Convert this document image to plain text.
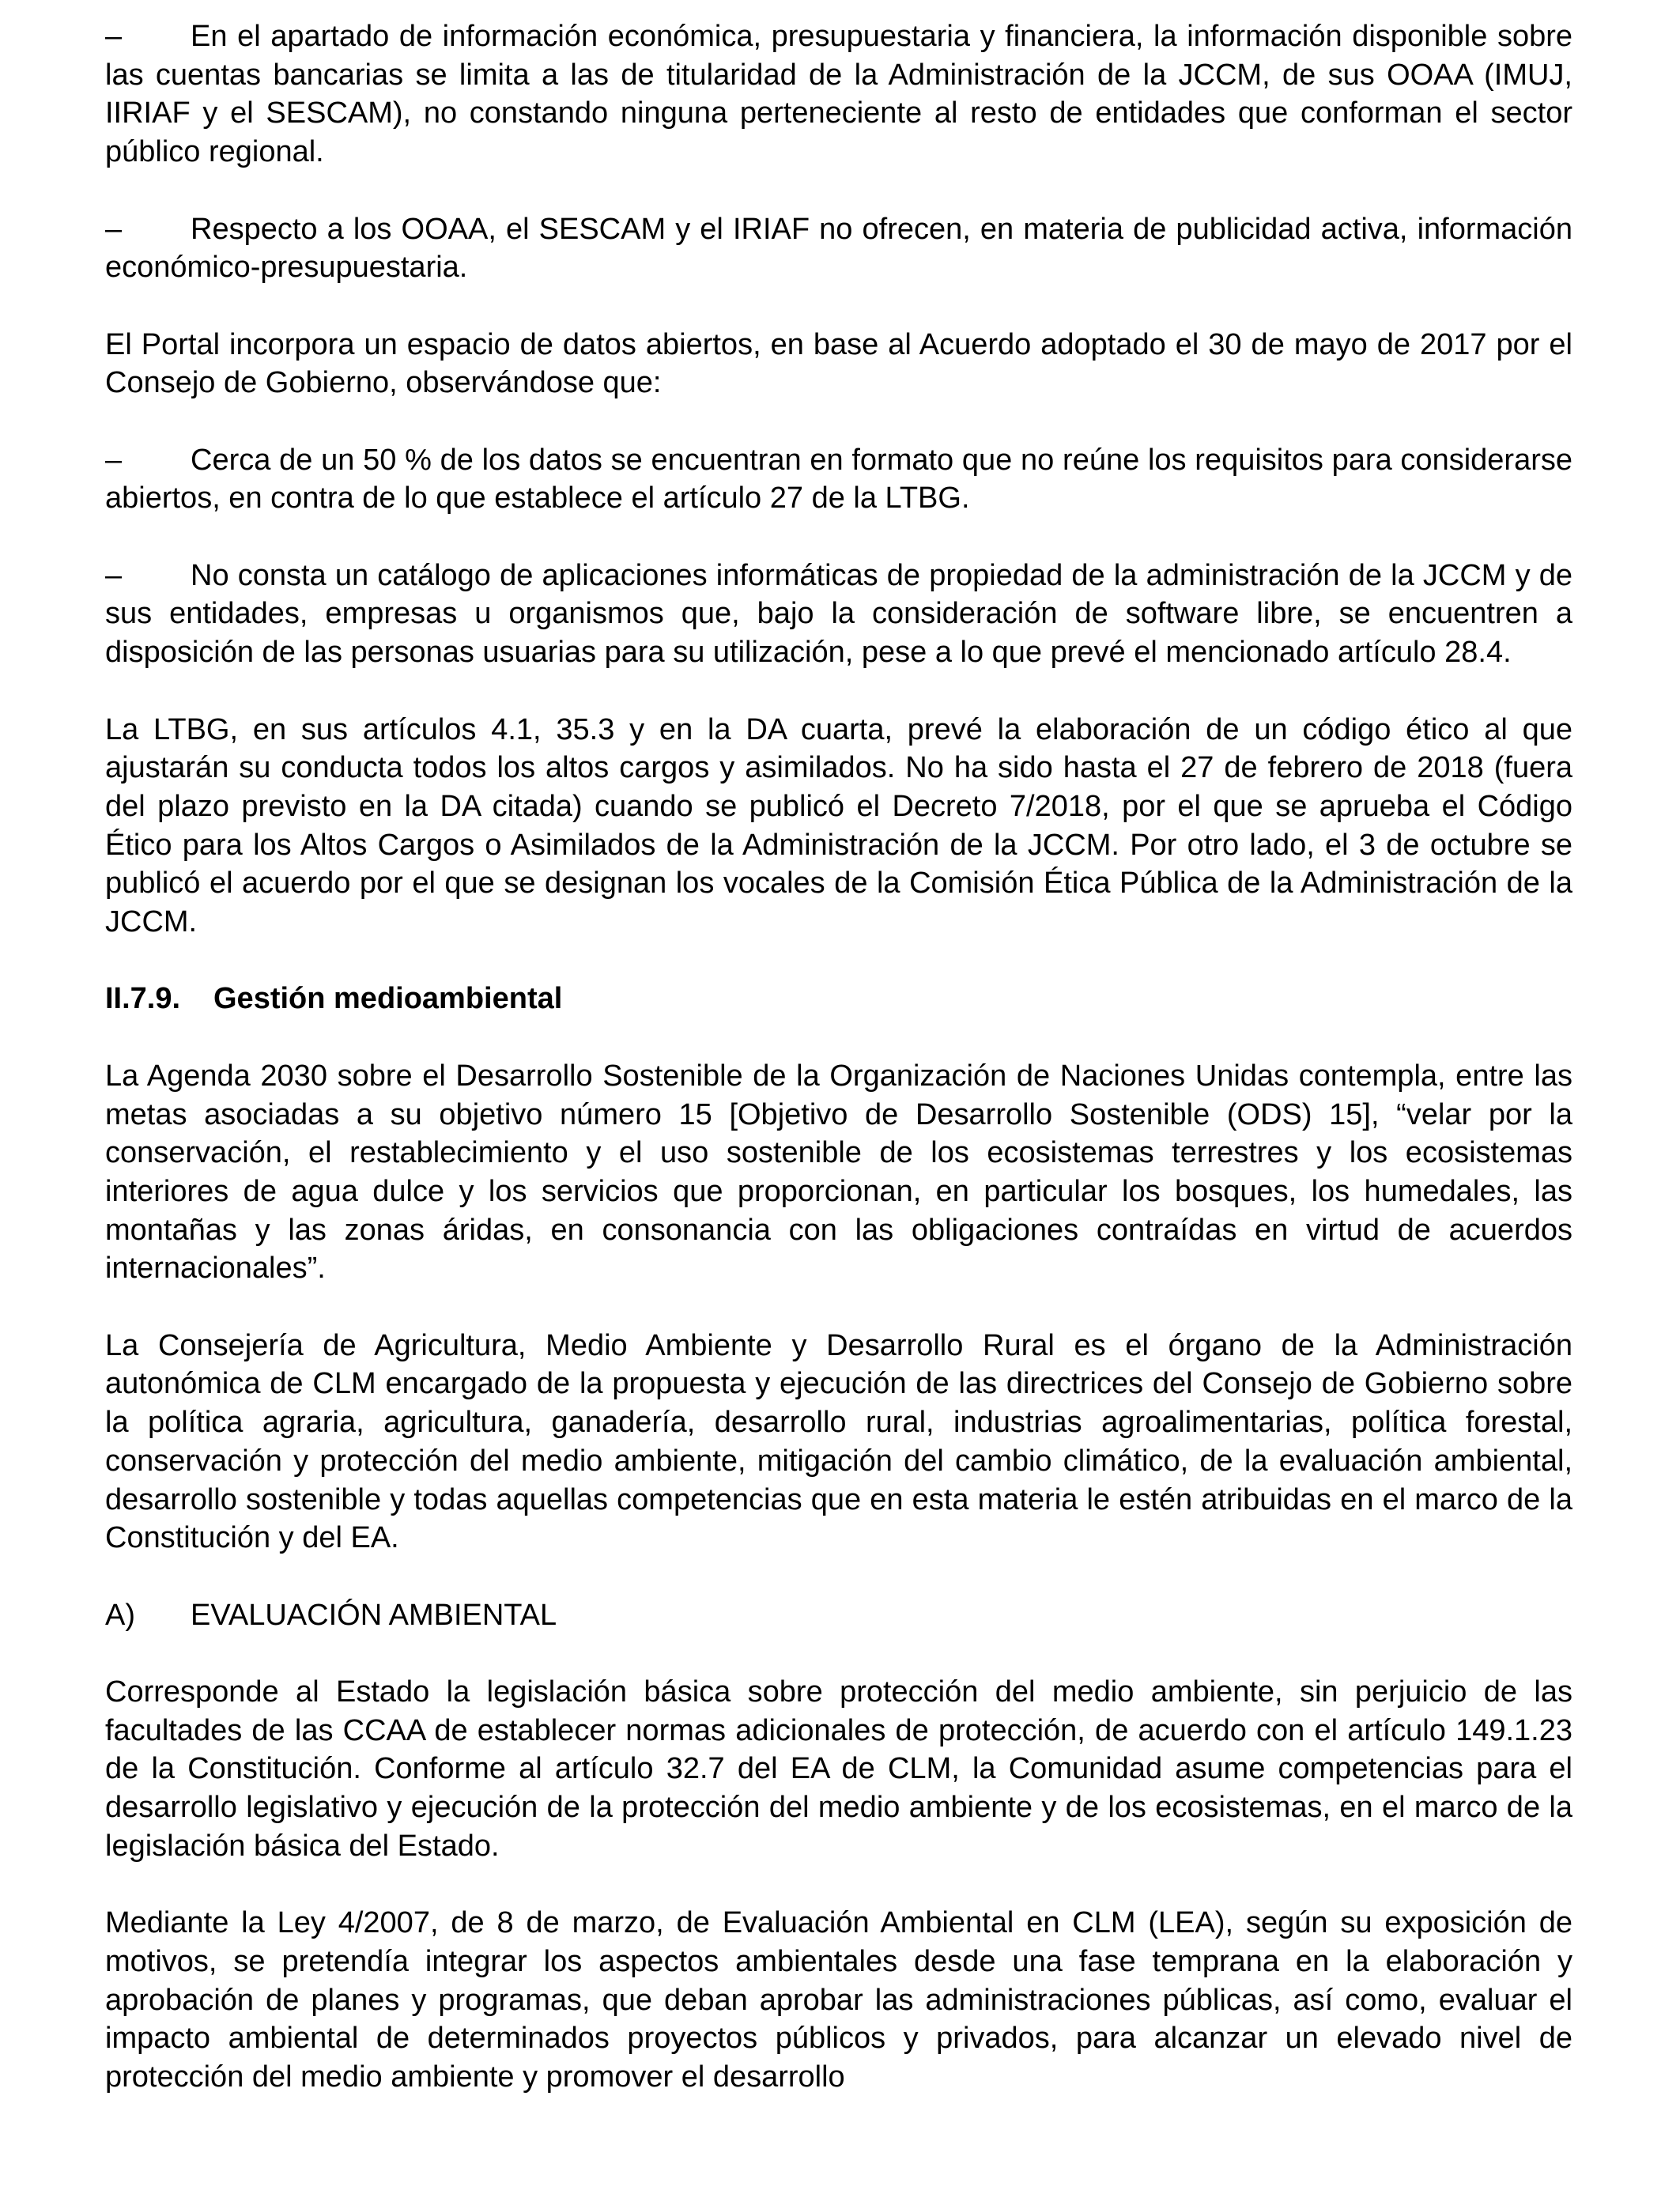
– En el apartado de información económica, presupuestaria y financiera, la información disponible sobre las cuentas bancarias se limita a las de titularidad de la Administración de la JCCM, de sus OOAA (IMUJ, IIRIAF y el SESCAM), no constando ninguna perteneciente al resto de entidades que conforman el sector público regional.

– Respecto a los OOAA, el SESCAM y el IRIAF no ofrecen, en materia de publicidad activa, información económico-presupuestaria.

El Portal incorpora un espacio de datos abiertos, en base al Acuerdo adoptado el 30 de mayo de 2017 por el Consejo de Gobierno, observándose que:

– Cerca de un 50 % de los datos se encuentran en formato que no reúne los requisitos para considerarse abiertos, en contra de lo que establece el artículo 27 de la LTBG.

– No consta un catálogo de aplicaciones informáticas de propiedad de la administración de la JCCM y de sus entidades, empresas u organismos que, bajo la consideración de software libre, se encuentren a disposición de las personas usuarias para su utilización, pese a lo que prevé el mencionado artículo 28.4.

La LTBG, en sus artículos 4.1, 35.3 y en la DA cuarta, prevé la elaboración de un código ético al que ajustarán su conducta todos los altos cargos y asimilados. No ha sido hasta el 27 de febrero de 2018 (fuera del plazo previsto en la DA citada) cuando se publicó el Decreto 7/2018, por el que se aprueba el Código Ético para los Altos Cargos o Asimilados de la Administración de la JCCM. Por otro lado, el 3 de octubre se publicó el acuerdo por el que se designan los vocales de la Comisión Ética Pública de la Administración de la JCCM.

II.7.9. Gestión medioambiental

La Agenda 2030 sobre el Desarrollo Sostenible de la Organización de Naciones Unidas contempla, entre las metas asociadas a su objetivo número 15 [Objetivo de Desarrollo Sostenible (ODS) 15], “velar por la conservación, el restablecimiento y el uso sostenible de los ecosistemas terrestres y los ecosistemas interiores de agua dulce y los servicios que proporcionan, en particular los bosques, los humedales, las montañas y las zonas áridas, en consonancia con las obligaciones contraídas en virtud de acuerdos internacionales”.

La Consejería de Agricultura, Medio Ambiente y Desarrollo Rural es el órgano de la Administración autonómica de CLM encargado de la propuesta y ejecución de las directrices del Consejo de Gobierno sobre la política agraria, agricultura, ganadería, desarrollo rural, industrias agroalimentarias, política forestal, conservación y protección del medio ambiente, mitigación del cambio climático, de la evaluación ambiental, desarrollo sostenible y todas aquellas competencias que en esta materia le estén atribuidas en el marco de la Constitución y del EA.

A) EVALUACIÓN AMBIENTAL

Corresponde al Estado la legislación básica sobre protección del medio ambiente, sin perjuicio de las facultades de las CCAA de establecer normas adicionales de protección, de acuerdo con el artículo 149.1.23 de la Constitución. Conforme al artículo 32.7 del EA de CLM, la Comunidad asume competencias para el desarrollo legislativo y ejecución de la protección del medio ambiente y de los ecosistemas, en el marco de la legislación básica del Estado.

Mediante la Ley 4/2007, de 8 de marzo, de Evaluación Ambiental en CLM (LEA), según su exposición de motivos, se pretendía integrar los aspectos ambientales desde una fase temprana en la elaboración y aprobación de planes y programas, que deban aprobar las administraciones públicas, así como, evaluar el impacto ambiental de determinados proyectos públicos y privados, para alcanzar un elevado nivel de protección del medio ambiente y promover el desarrollo
